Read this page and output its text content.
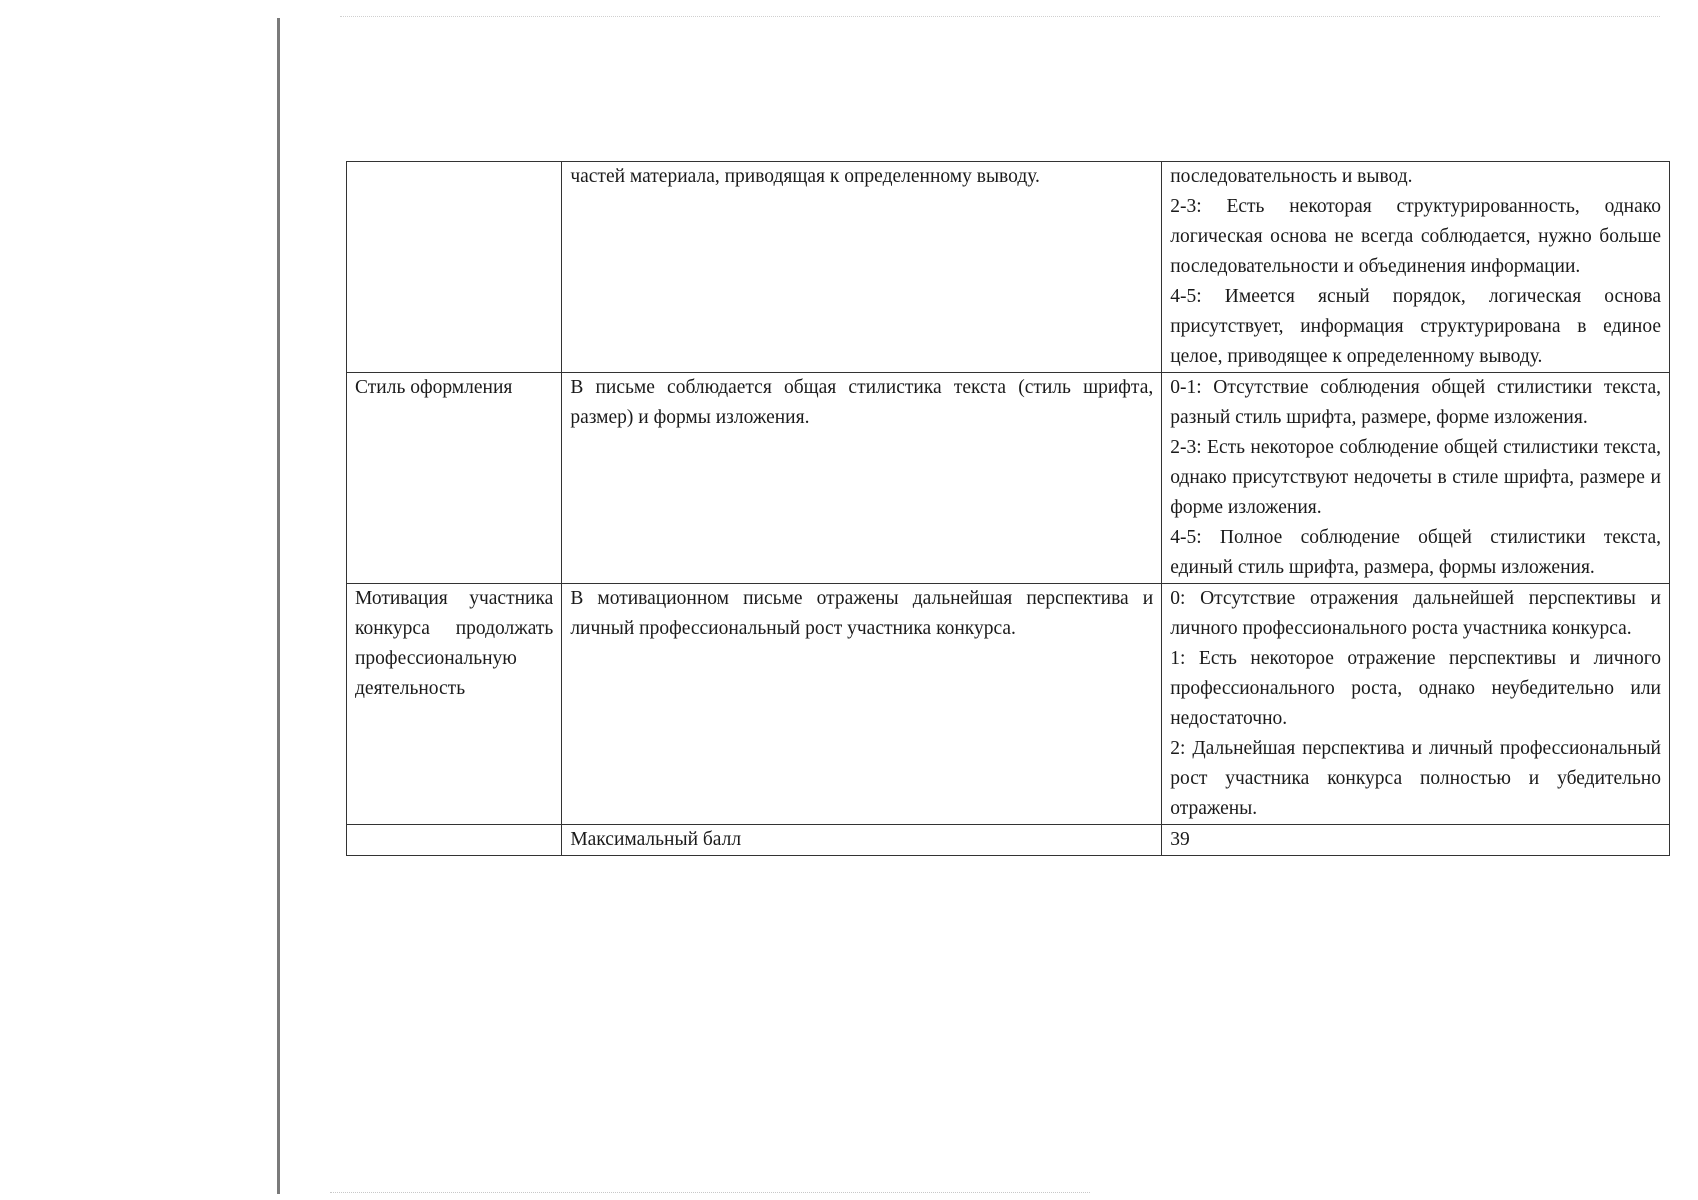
	частей материала, приводящая к определенному выводу.	последовательность и вывод.
2-3: Есть некоторая структурированность, однако логическая основа не всегда соблюдается, нужно больше последовательности и объединения информации.
4-5: Имеется ясный порядок, логическая основа присутствует, информация структурирована в единое целое, приводящее к определенному выводу.

Стиль оформления	В письме соблюдается общая стилистика текста (стиль шрифта, размер) и формы изложения.	0-1: Отсутствие соблюдения общей стилистики текста, разный стиль шрифта, размере, форме изложения.
2-3: Есть некоторое соблюдение общей стилистики текста, однако присутствуют недочеты в стиле шрифта, размере и форме изложения.
4-5: Полное соблюдение общей стилистики текста, единый стиль шрифта, размера, формы изложения.

Мотивация участника конкурса продолжать профессиональную деятельность	В мотивационном письме отражены дальнейшая перспектива и личный профессиональный рост участника конкурса.	0: Отсутствие отражения дальнейшей перспективы и личного профессионального роста участника конкурса.
1: Есть некоторое отражение перспективы и личного профессионального роста, однако неубедительно или недостаточно.
2: Дальнейшая перспектива и личный профессиональный рост участника конкурса полностью и убедительно отражены.

	Максимальный балл	39
